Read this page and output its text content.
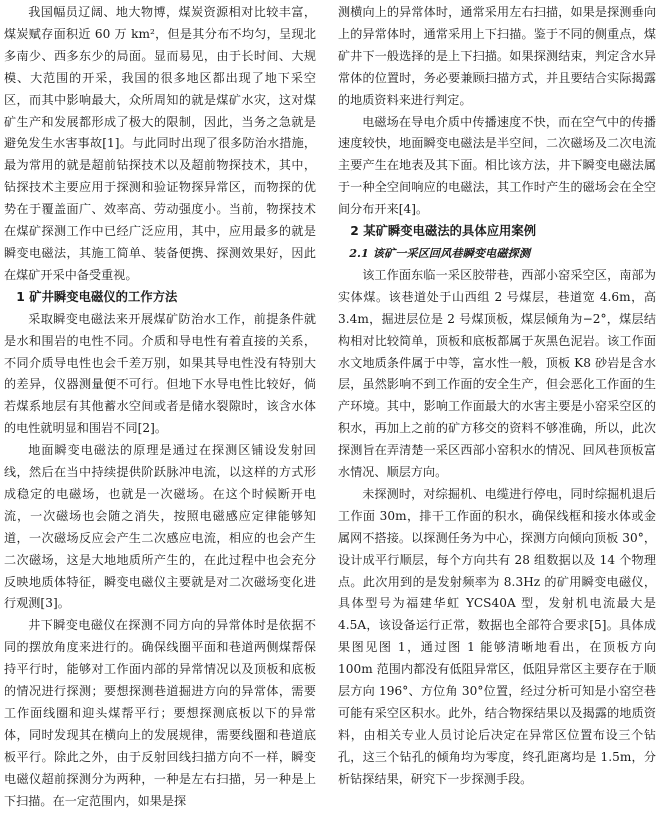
我国幅员辽阔、地大物博，煤炭资源相对比较丰富，煤炭赋存面积近 60 万 km²，但是其分布不均匀，呈现北多南少、西多东少的局面。显而易见，由于长时间、大规模、大范围的开采，我国的很多地区都出现了地下采空区，而其中影响最大，众所周知的就是煤矿水灾，这对煤矿生产和发展都形成了极大的限制，因此，当务之急就是避免发生水害事故[1]。与此同时出现了很多防治水措施，最为常用的就是超前钻探技术以及超前物探技术，其中，钻探技术主要应用于探测和验证物探异常区，而物探的优势在于覆盖面广、效率高、劳动强度小。当前，物探技术在煤矿探测工作中已经广泛应用，其中，应用最多的就是瞬变电磁法，其施工简单、装备便携、探测效果好，因此在煤矿开采中备受重视。

1 矿井瞬变电磁仪的工作方法

采取瞬变电磁法来开展煤矿防治水工作，前提条件就是水和围岩的电性不同。介质和导电性有着直接的关系，不同介质导电性也会千差万别，如果其导电性没有特别大的差异，仪器测量便不可行。但地下水导电性比较好，倘若煤系地层有其他蓄水空间或者是储水裂隙时，该含水体的电性就明显和围岩不同[2]。

地面瞬变电磁法的原理是通过在探测区铺设发射回线，然后在当中持续提供阶跃脉冲电流，以这样的方式形成稳定的电磁场，也就是一次磁场。在这个时候断开电流，一次磁场也会随之消失，按照电磁感应定律能够知道，一次磁场反应会产生二次感应电流，相应的也会产生二次磁场，这是大地地质所产生的，在此过程中也会充分反映地质体特征，瞬变电磁仪主要就是对二次磁场变化进行观测[3]。

井下瞬变电磁仪在探测不同方向的异常体时是依据不同的摆放角度来进行的。确保线圈平面和巷道两侧煤帮保持平行时，能够对工作面内部的异常情况以及顶板和底板的情况进行探测；要想探测巷道掘进方向的异常体，需要工作面线圈和迎头煤帮平行；要想探测底板以下的异常体，同时发现其在横向上的发展规律，需要线圈和巷道底板平行。除此之外，由于反射回线扫描方向不一样，瞬变电磁仪超前探测分为两种，一种是左右扫描，另一种是上下扫描。在一定范围内，如果是探

测横向上的异常体时，通常采用左右扫描，如果是探测垂向上的异常体时，通常采用上下扫描。鉴于不同的侧重点，煤矿井下一般选择的是上下扫描。如果探测结束，判定含水异常体的位置时，务必要兼顾扫描方式，并且要结合实际揭露的地质资料来进行判定。

电磁场在导电介质中传播速度不快，而在空气中的传播速度较快，地面瞬变电磁法是半空间，二次磁场及二次电流主要产生在地表及其下面。相比该方法，井下瞬变电磁法属于一种全空间响应的电磁法，其工作时产生的磁场会在全空间分布开来[4]。

2 某矿瞬变电磁法的具体应用案例
2.1 该矿一采区回风巷瞬变电磁探测

该工作面东临一采区胶带巷，西部小窑采空区，南部为实体煤。该巷道处于山西组 2 号煤层，巷道宽 4.6m，高 3.4m，掘进层位是 2 号煤顶板，煤层倾角为−2°，煤层结构相对比较简单，顶板和底板都属于灰黑色泥岩。该工作面水文地质条件属于中等，富水性一般，顶板 K8 砂岩是含水层，虽然影响不到工作面的安全生产，但会恶化工作面的生产环境。其中，影响工作面最大的水害主要是小窑采空区的积水，再加上之前的矿方移交的资料不够准确，所以，此次探测旨在弄清楚一采区西部小窑积水的情况、回风巷顶板富水情况、顺层方向。

未探测时，对综掘机、电缆进行停电，同时综掘机退后工作面 30m，排干工作面的积水，确保线框和接水体或金属网不搭接。以探测任务为中心，探测方向倾向顶板 30°，设计成平行顺层，每个方向共有 28 组数据以及 14 个物理点。此次用到的是发射频率为 8.3Hz 的矿用瞬变电磁仪，具体型号为福建华虹 YCS40A 型，发射机电流最大是 4.5A，该设备运行正常，数据也全部符合要求[5]。具体成果图见图 1，通过图 1 能够清晰地看出，在顶板方向 100m 范围内都没有低阻异常区，低阻异常区主要存在于顺层方向 196°、方位角 30°位置，经过分析可知是小窑空巷可能有采空区积水。此外，结合物探结果以及揭露的地质资料，由相关专业人员讨论后决定在异常区位置布设三个钻孔，这三个钻孔的倾角均为零度，终孔距离均是 1.5m，分析钻探结果，研究下一步探测手段。
